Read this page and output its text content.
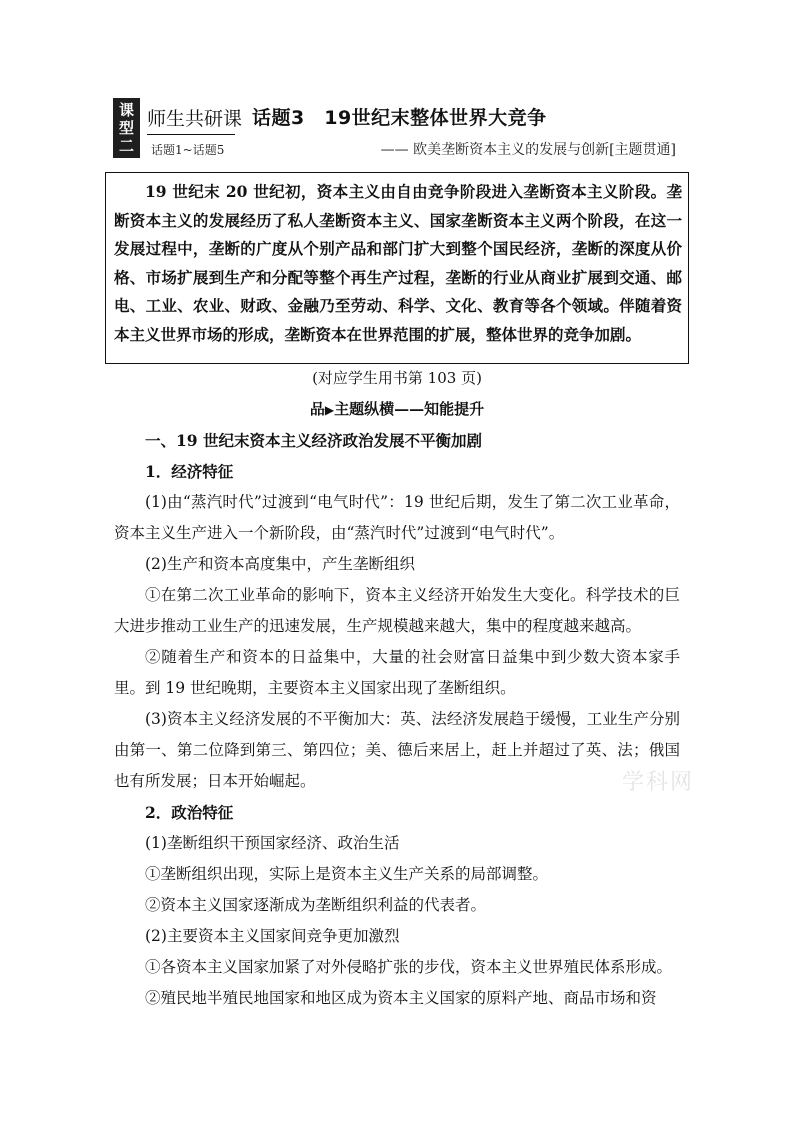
课
型
二
师生共研课
话题1~话题5
话题3　19世纪末整体世界大竞争
—— 欧美垄断资本主义的发展与创新[主题贯通]
19 世纪末 20 世纪初，资本主义由自由竞争阶段进入垄断资本主义阶段。垄断资本主义的发展经历了私人垄断资本主义、国家垄断资本主义两个阶段，在这一发展过程中，垄断的广度从个别产品和部门扩大到整个国民经济，垄断的深度从价格、市场扩展到生产和分配等整个再生产过程，垄断的行业从商业扩展到交通、邮电、工业、农业、财政、金融乃至劳动、科学、文化、教育等各个领域。伴随着资本主义世界市场的形成，垄断资本在世界范围的扩展，整体世界的竞争加剧。
(对应学生用书第 103 页)
品▶主题纵横——知能提升

一、19 世纪末资本主义经济政治发展不平衡加剧

1．经济特征

(1)由“蒸汽时代”过渡到“电气时代”：19 世纪后期，发生了第二次工业革命，资本主义生产进入一个新阶段，由“蒸汽时代”过渡到“电气时代”。

(2)生产和资本高度集中，产生垄断组织

①在第二次工业革命的影响下，资本主义经济开始发生大变化。科学技术的巨大进步推动工业生产的迅速发展，生产规模越来越大，集中的程度越来越高。

②随着生产和资本的日益集中，大量的社会财富日益集中到少数大资本家手里。到 19 世纪晚期，主要资本主义国家出现了垄断组织。

(3)资本主义经济发展的不平衡加大：英、法经济发展趋于缓慢，工业生产分别由第一、第二位降到第三、第四位；美、德后来居上，赶上并超过了英、法；俄国也有所发展；日本开始崛起。

2．政治特征

(1)垄断组织干预国家经济、政治生活

①垄断组织出现，实际上是资本主义生产关系的局部调整。

②资本主义国家逐渐成为垄断组织利益的代表者。

(2)主要资本主义国家间竞争更加激烈

①各资本主义国家加紧了对外侵略扩张的步伐，资本主义世界殖民体系形成。

②殖民地半殖民地国家和地区成为资本主义国家的原料产地、商品市场和资

学科网
